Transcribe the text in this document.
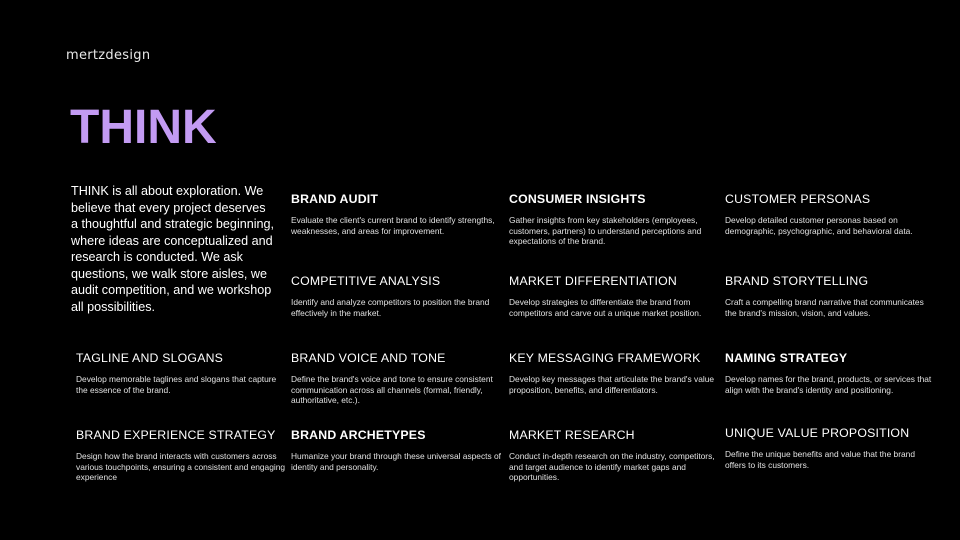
mertzdesign
THINK

THINK is all about exploration. We believe that every project deserves a thoughtful and strategic beginning, where ideas are conceptualized and research is conducted. We ask questions, we walk store aisles, we audit competition, and we workshop all possibilities.

BRAND AUDIT

Evaluate the client's current brand to identify strengths, weaknesses, and areas for improvement.

CONSUMER INSIGHTS

Gather insights from key stakeholders (employees, customers, partners) to understand perceptions and expectations of the brand.

CUSTOMER PERSONAS

Develop detailed customer personas based on demographic, psychographic, and behavioral data.

COMPETITIVE ANALYSIS

Identify and analyze competitors to position the brand effectively in the market.

MARKET DIFFERENTIATION

Develop strategies to differentiate the brand from competitors and carve out a unique market position.

BRAND STORYTELLING

Craft a compelling brand narrative that communicates the brand's mission, vision, and values.

TAGLINE AND SLOGANS

Develop memorable taglines and slogans that capture the essence of the brand.

BRAND VOICE AND TONE

Define the brand's voice and tone to ensure consistent communication across all channels (formal, friendly, authoritative, etc.).

KEY MESSAGING FRAMEWORK

Develop key messages that articulate the brand's value proposition, benefits, and differentiators.

NAMING STRATEGY

Develop names for the brand, products, or services that align with the brand's identity and positioning.

BRAND EXPERIENCE STRATEGY

Design how the brand interacts with customers across various touchpoints, ensuring a consistent and engaging experience

BRAND ARCHETYPES

Humanize your brand through these universal aspects of identity and personality.

MARKET RESEARCH

Conduct in-depth research on the industry, competitors, and target audience to identify market gaps and opportunities.

UNIQUE VALUE PROPOSITION

Define the unique benefits and value that the brand offers to its customers.
